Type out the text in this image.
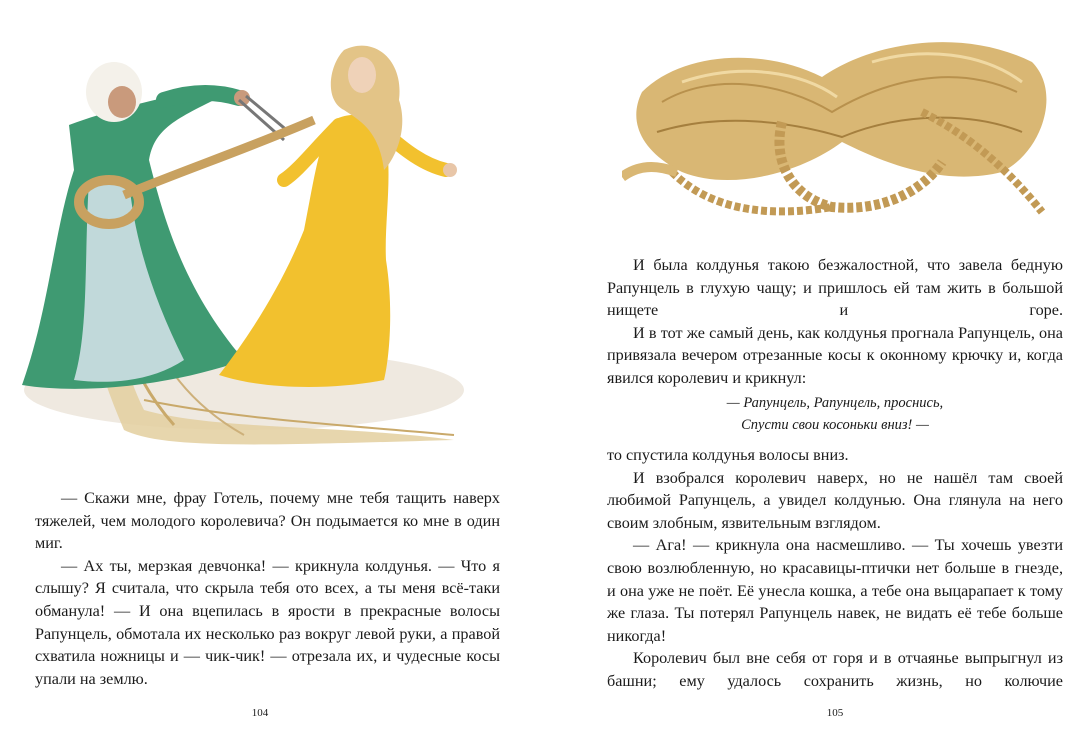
— Скажи мне, фрау Готель, почему мне тебя тащить наверх тяжелей, чем молодого королевича? Он подымается ко мне в один миг.

— Ах ты, мерзкая девчонка! — крикнула колдунья. — Что я слышу? Я считала, что скрыла тебя ото всех, а ты меня всё-таки обманула! — И она вцепилась в ярости в прекрасные волосы Рапунцель, обмотала их несколько раз вокруг левой руки, а правой схватила ножницы и — чик-чик! — отрезала их, и чудесные косы упали на землю.

104

И была колдунья такою безжалостной, что завела бедную Рапунцель в глухую чащу; и пришлось ей там жить в большой нищете и горе.

И в тот же самый день, как колдунья прогнала Рапунцель, она привязала вечером отрезанные косы к оконному крючку и, когда явился королевич и крикнул:

— Рапунцель, Рапунцель, проснись,
Спусти свои косоньки вниз! —

то спустила колдунья волосы вниз.

И взобрался королевич наверх, но не нашёл там своей любимой Рапунцель, а увидел колдунью. Она глянула на него своим злобным, язвительным взглядом.

— Ага! — крикнула она насмешливо. — Ты хочешь увезти свою возлюбленную, но красавицы-птички нет больше в гнезде, и она уже не поёт. Её унесла кошка, а тебе она выцарапает к тому же глаза. Ты потерял Рапунцель навек, не видать её тебе больше никогда!

Королевич был вне себя от горя и в отчаянье выпрыгнул из башни; ему удалось сохранить жизнь, но колючие

105
